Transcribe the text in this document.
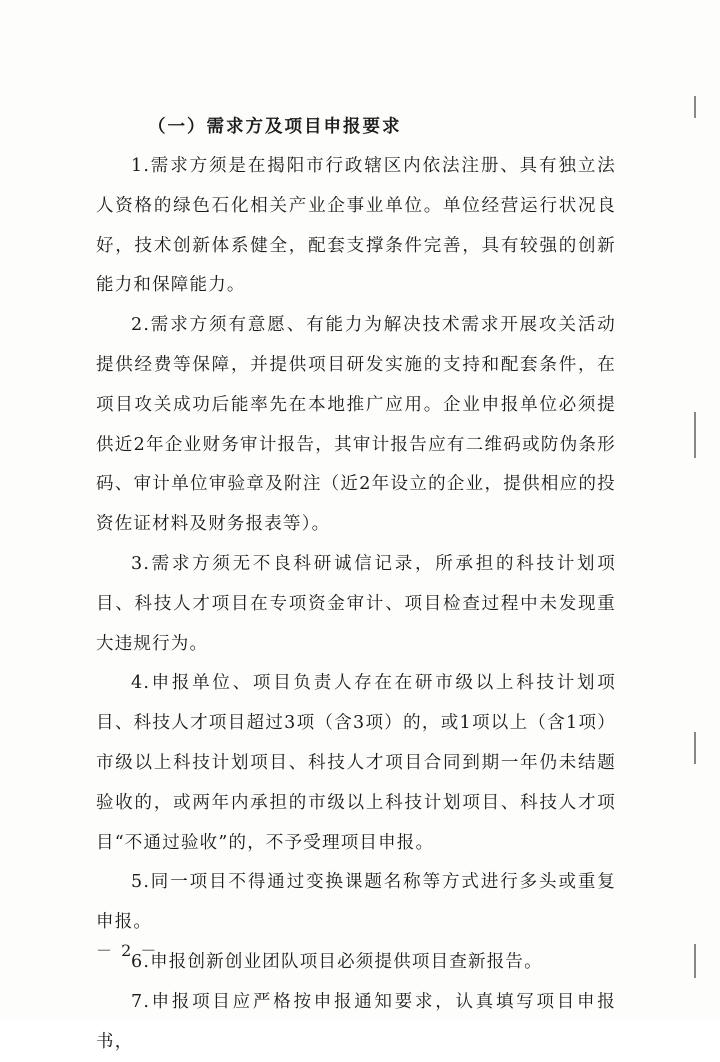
（一）需求方及项目申报要求

1.需求方须是在揭阳市行政辖区内依法注册、具有独立法人资格的绿色石化相关产业企事业单位。单位经营运行状况良好，技术创新体系健全，配套支撑条件完善，具有较强的创新能力和保障能力。

2.需求方须有意愿、有能力为解决技术需求开展攻关活动提供经费等保障，并提供项目研发实施的支持和配套条件，在项目攻关成功后能率先在本地推广应用。企业申报单位必须提供近2年企业财务审计报告，其审计报告应有二维码或防伪条形码、审计单位审验章及附注（近2年设立的企业，提供相应的投资佐证材料及财务报表等）。

3.需求方须无不良科研诚信记录，所承担的科技计划项目、科技人才项目在专项资金审计、项目检查过程中未发现重大违规行为。

4.申报单位、项目负责人存在在研市级以上科技计划项目、科技人才项目超过3项（含3项）的，或1项以上（含1项）市级以上科技计划项目、科技人才项目合同到期一年仍未结题验收的，或两年内承担的市级以上科技计划项目、科技人才项目“不通过验收”的，不予受理项目申报。

5.同一项目不得通过变换课题名称等方式进行多头或重复申报。

6.申报创新创业团队项目必须提供项目查新报告。

7.申报项目应严格按申报通知要求，认真填写项目申报书，

－ 2 －
